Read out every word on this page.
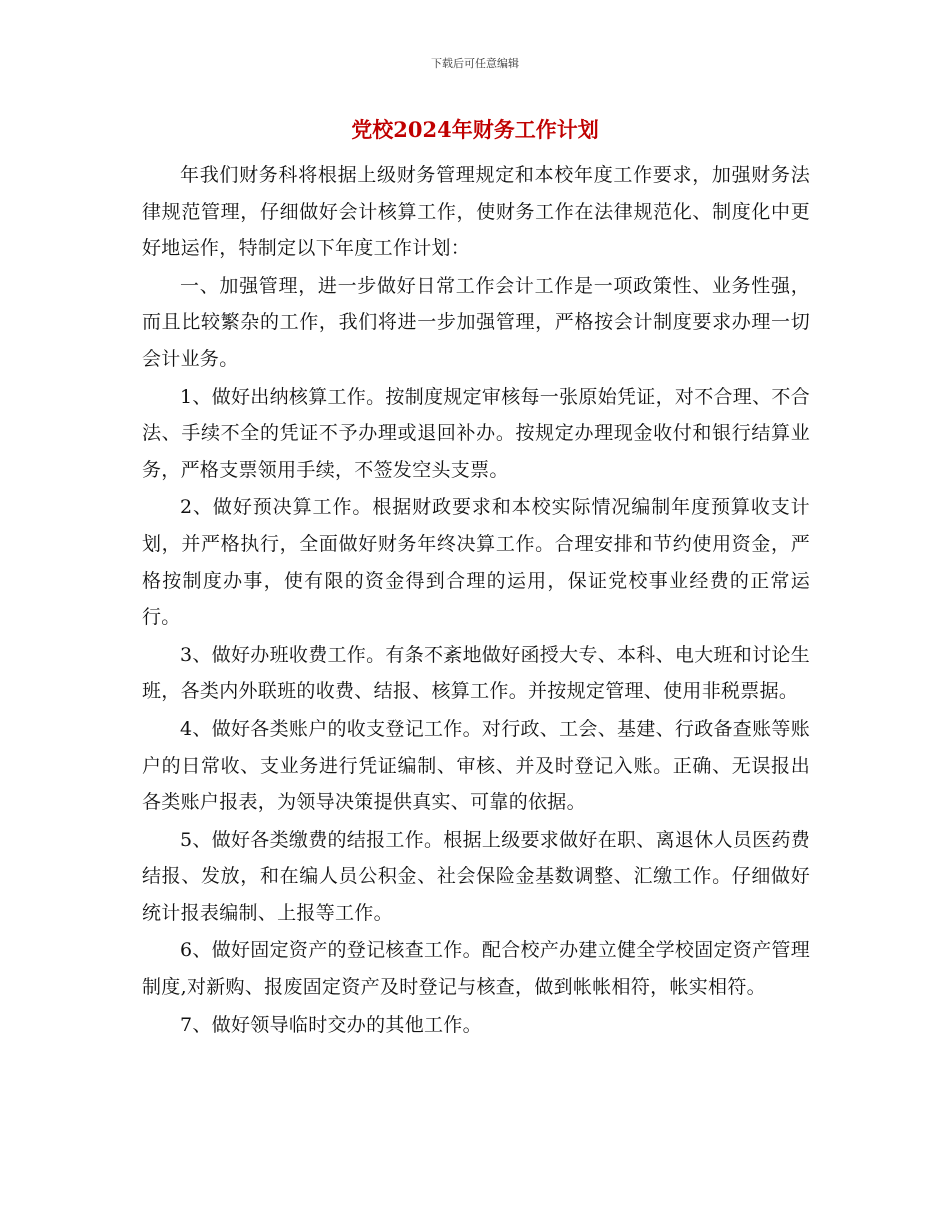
下载后可任意编辑
党校2024年财务工作计划

年我们财务科将根据上级财务管理规定和本校年度工作要求，加强财务法律规范管理，仔细做好会计核算工作，使财务工作在法律规范化、制度化中更好地运作，特制定以下年度工作计划：

一、加强管理，进一步做好日常工作会计工作是一项政策性、业务性强，而且比较繁杂的工作，我们将进一步加强管理，严格按会计制度要求办理一切会计业务。

1、做好出纳核算工作。按制度规定审核每一张原始凭证，对不合理、不合法、手续不全的凭证不予办理或退回补办。按规定办理现金收付和银行结算业务，严格支票领用手续，不签发空头支票。

2、做好预决算工作。根据财政要求和本校实际情况编制年度预算收支计划，并严格执行，全面做好财务年终决算工作。合理安排和节约使用资金，严格按制度办事，使有限的资金得到合理的运用，保证党校事业经费的正常运行。

3、做好办班收费工作。有条不紊地做好函授大专、本科、电大班和讨论生班，各类内外联班的收费、结报、核算工作。并按规定管理、使用非税票据。

4、做好各类账户的收支登记工作。对行政、工会、基建、行政备查账等账户的日常收、支业务进行凭证编制、审核、并及时登记入账。正确、无误报出各类账户报表，为领导决策提供真实、可靠的依据。

5、做好各类缴费的结报工作。根据上级要求做好在职、离退休人员医药费结报、发放，和在编人员公积金、社会保险金基数调整、汇缴工作。仔细做好统计报表编制、上报等工作。

6、做好固定资产的登记核查工作。配合校产办建立健全学校固定资产管理制度,对新购、报废固定资产及时登记与核查，做到帐帐相符，帐实相符。

7、做好领导临时交办的其他工作。
